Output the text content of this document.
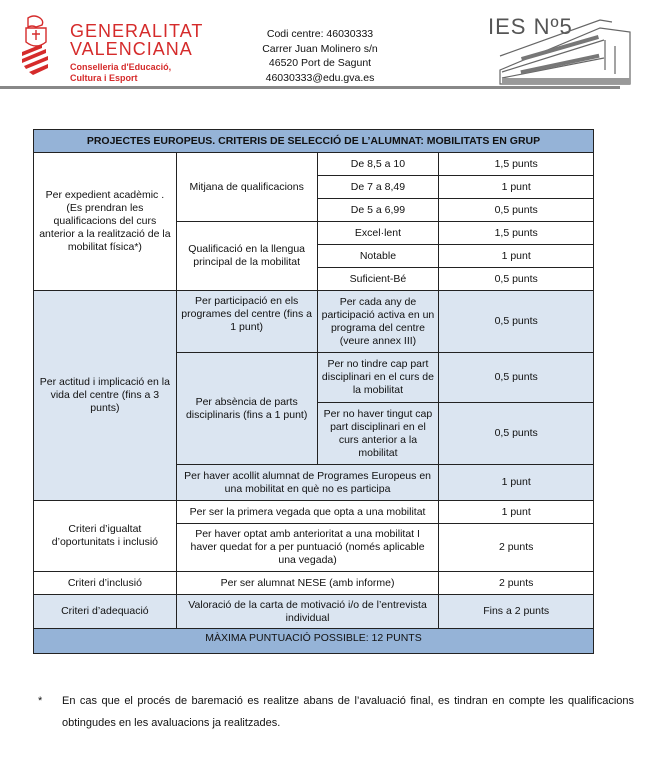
GENERALITAT
VALENCIANA
Conselleria d'Educació,
Cultura i Esport
Codi centre: 46030333
Carrer Juan Molinero s/n
46520 Port de Sagunt
46030333@edu.gva.es
IES Nº5
PROJECTES EUROPEUS. CRITERIS DE SELECCIÓ DE L’ALUMNAT: MOBILITATS EN GRUP			
Per expedient acadèmic . (Es prendran les qualificacions del curs anterior a la realització de la mobilitat física*)	Mitjana de qualificacions	De 8,5 a 10	1,5 punts
		De 7 a 8,49	1 punt
		De 5 a 6,99	0,5 punts
	Qualificació en la llengua principal de la mobilitat	Excel·lent	1,5 punts
		Notable	1 punt
		Suficient-Bé	0,5 punts
Per actitud i implicació en la vida del centre (fins a 3 punts)	Per participació en els programes del centre (fins a 1 punt)	Per cada any de participació activa en un programa del centre (veure annex III)	0,5 punts
	Per absència de parts disciplinaris (fins a 1 punt)	Per no tindre cap part disciplinari en el curs de la mobilitat	0,5 punts
		Per no haver tingut cap part disciplinari en el curs anterior a la mobilitat	0,5 punts
	Per haver acollit alumnat de Programes Europeus en una mobilitat en què no es participa		1 punt
Criteri d’igualtat d’oportunitats i inclusió	Per ser la primera vegada que opta a una mobilitat		1 punt
	Per haver optat amb anterioritat a una mobilitat I haver quedat for a per puntuació (només aplicable una vegada)		2 punts
Criteri d’inclusió	Per ser alumnat NESE (amb informe)		2 punts
Criteri d’adequació	Valoració de la carta de motivació i/o de l’entrevista individual		Fins a 2 punts
MÀXIMA PUNTUACIÓ POSSIBLE: 12 PUNTS			
* En cas que el procés de baremació es realitze abans de l’avaluació final, es tindran en compte les qualificacions obtingudes en les avaluacions ja realitzades.
